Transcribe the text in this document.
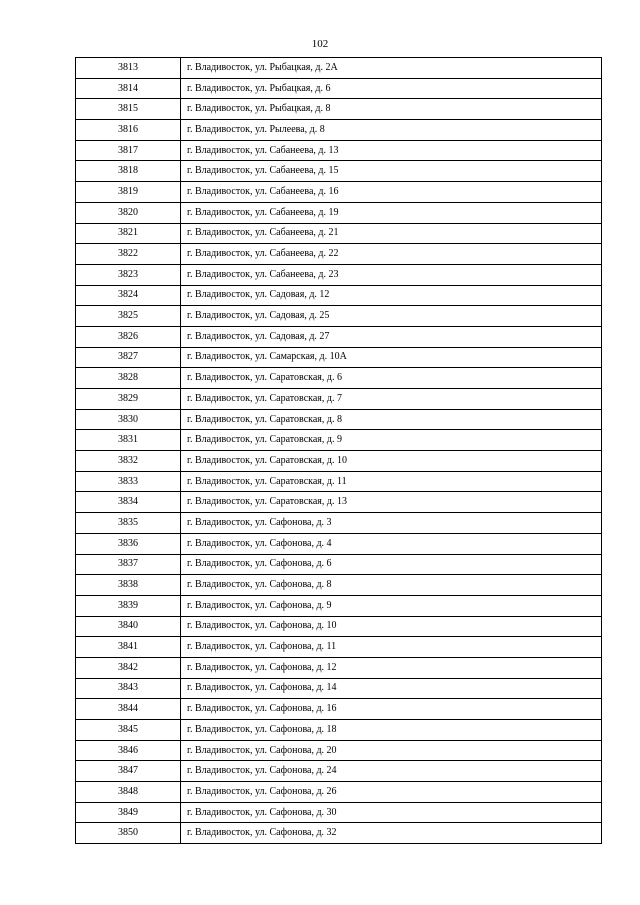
102
3813	г. Владивосток, ул. Рыбацкая, д. 2А
3814	г. Владивосток, ул. Рыбацкая, д. 6
3815	г. Владивосток, ул. Рыбацкая, д. 8
3816	г. Владивосток, ул. Рылеева, д. 8
3817	г. Владивосток, ул. Сабанеева, д. 13
3818	г. Владивосток, ул. Сабанеева, д. 15
3819	г. Владивосток, ул. Сабанеева, д. 16
3820	г. Владивосток, ул. Сабанеева, д. 19
3821	г. Владивосток, ул. Сабанеева, д. 21
3822	г. Владивосток, ул. Сабанеева, д. 22
3823	г. Владивосток, ул. Сабанеева, д. 23
3824	г. Владивосток, ул. Садовая, д. 12
3825	г. Владивосток, ул. Садовая, д. 25
3826	г. Владивосток, ул. Садовая, д. 27
3827	г. Владивосток, ул. Самарская, д. 10А
3828	г. Владивосток, ул. Саратовская, д. 6
3829	г. Владивосток, ул. Саратовская, д. 7
3830	г. Владивосток, ул. Саратовская, д. 8
3831	г. Владивосток, ул. Саратовская, д. 9
3832	г. Владивосток, ул. Саратовская, д. 10
3833	г. Владивосток, ул. Саратовская, д. 11
3834	г. Владивосток, ул. Саратовская, д. 13
3835	г. Владивосток, ул. Сафонова, д. 3
3836	г. Владивосток, ул. Сафонова, д. 4
3837	г. Владивосток, ул. Сафонова, д. 6
3838	г. Владивосток, ул. Сафонова, д. 8
3839	г. Владивосток, ул. Сафонова, д. 9
3840	г. Владивосток, ул. Сафонова, д. 10
3841	г. Владивосток, ул. Сафонова, д. 11
3842	г. Владивосток, ул. Сафонова, д. 12
3843	г. Владивосток, ул. Сафонова, д. 14
3844	г. Владивосток, ул. Сафонова, д. 16
3845	г. Владивосток, ул. Сафонова, д. 18
3846	г. Владивосток, ул. Сафонова, д. 20
3847	г. Владивосток, ул. Сафонова, д. 24
3848	г. Владивосток, ул. Сафонова, д. 26
3849	г. Владивосток, ул. Сафонова, д. 30
3850	г. Владивосток, ул. Сафонова, д. 32
